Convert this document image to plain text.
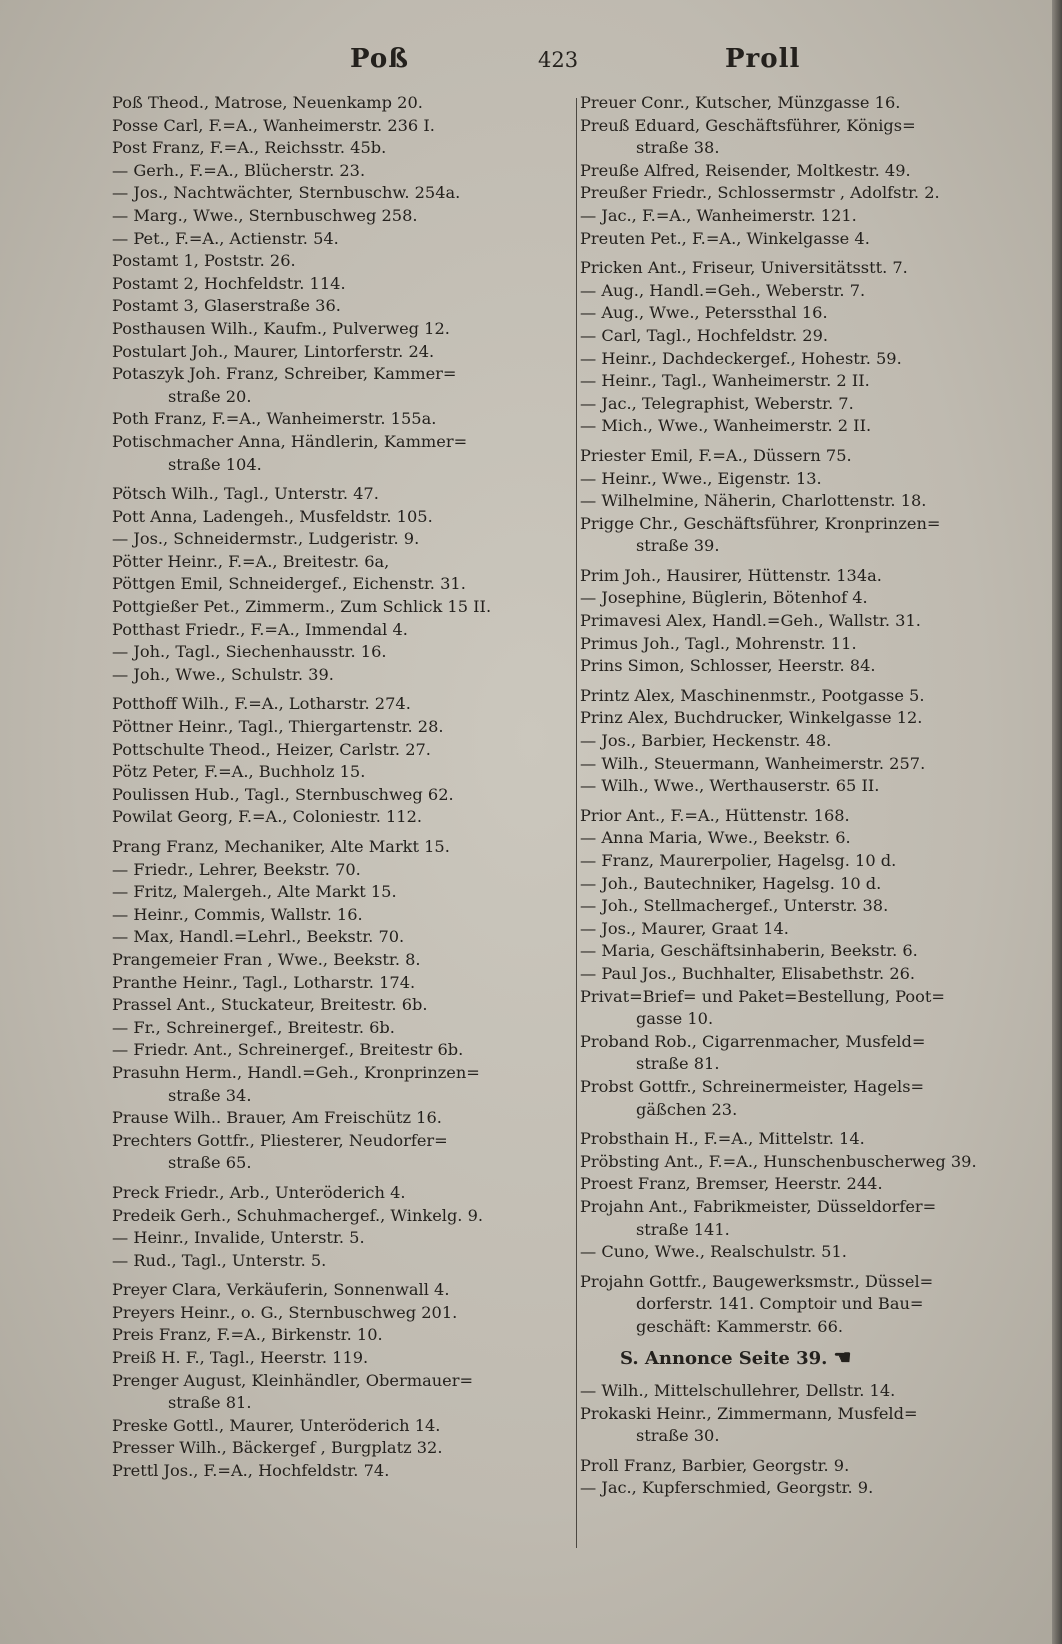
Poß	423	Proll
Poß Theod., Matrose, Neuenkamp 20.
Posse Carl, F.=A., Wanheimerstr. 236 I.
Post Franz, F.=A., Reichsstr. 45b.
— Gerh., F.=A., Blücherstr. 23.
— Jos., Nachtwächter, Sternbuschw. 254a.
— Marg., Wwe., Sternbuschweg 258.
— Pet., F.=A., Actienstr. 54.
Postamt 1, Poststr. 26.
Postamt 2, Hochfeldstr. 114.
Postamt 3, Glaserstraße 36.
Posthausen Wilh., Kaufm., Pulverweg 12.
Postulart Joh., Maurer, Lintorferstr. 24.
Potaszyk Joh. Franz, Schreiber, Kammer=
straße 20.
Poth Franz, F.=A., Wanheimerstr. 155a.
Potischmacher Anna, Händlerin, Kammer=
straße 104.
Pötsch Wilh., Tagl., Unterstr. 47.
Pott Anna, Ladengeh., Musfeldstr. 105.
— Jos., Schneidermstr., Ludgeristr. 9.
Pötter Heinr., F.=A., Breitestr. 6a,
Pöttgen Emil, Schneidergef., Eichenstr. 31.
Pottgießer Pet., Zimmerm., Zum Schlick 15 II.
Potthast Friedr., F.=A., Immendal 4.
— Joh., Tagl., Siechenhausstr. 16.
— Joh., Wwe., Schulstr. 39.
Potthoff Wilh., F.=A., Lotharstr. 274.
Pöttner Heinr., Tagl., Thiergartenstr. 28.
Pottschulte Theod., Heizer, Carlstr. 27.
Pötz Peter, F.=A., Buchholz 15.
Poulissen Hub., Tagl., Sternbuschweg 62.
Powilat Georg, F.=A., Coloniestr. 112.
Prang Franz, Mechaniker, Alte Markt 15.
— Friedr., Lehrer, Beekstr. 70.
— Fritz, Malergeh., Alte Markt 15.
— Heinr., Commis, Wallstr. 16.
— Max, Handl.=Lehrl., Beekstr. 70.
Prangemeier Fran , Wwe., Beekstr. 8.
Pranthe Heinr., Tagl., Lotharstr. 174.
Prassel Ant., Stuckateur, Breitestr. 6b.
— Fr., Schreinergef., Breitestr. 6b.
— Friedr. Ant., Schreinergef., Breitestr 6b.
Prasuhn Herm., Handl.=Geh., Kronprinzen=
straße 34.
Prause Wilh.. Brauer, Am Freischütz 16.
Prechters Gottfr., Pliesterer, Neudorfer=
straße 65.
Preck Friedr., Arb., Unteröderich 4.
Predeik Gerh., Schuhmachergef., Winkelg. 9.
— Heinr., Invalide, Unterstr. 5.
— Rud., Tagl., Unterstr. 5.
Preyer Clara, Verkäuferin, Sonnenwall 4.
Preyers Heinr., o. G., Sternbuschweg 201.
Preis Franz, F.=A., Birkenstr. 10.
Preiß H. F., Tagl., Heerstr. 119.
Prenger August, Kleinhändler, Obermauer=
straße 81.
Preske Gottl., Maurer, Unteröderich 14.
Presser Wilh., Bäckergef , Burgplatz 32.
Prettl Jos., F.=A., Hochfeldstr. 74.
Preuer Conr., Kutscher, Münzgasse 16.
Preuß Eduard, Geschäftsführer, Königs=
straße 38.
Preuße Alfred, Reisender, Moltkestr. 49.
Preußer Friedr., Schlossermstr , Adolfstr. 2.
— Jac., F.=A., Wanheimerstr. 121.
Preuten Pet., F.=A., Winkelgasse 4.
Pricken Ant., Friseur, Universitätsstt. 7.
— Aug., Handl.=Geh., Weberstr. 7.
— Aug., Wwe., Peterssthal 16.
— Carl, Tagl., Hochfeldstr. 29.
— Heinr., Dachdeckergef., Hohestr. 59.
— Heinr., Tagl., Wanheimerstr. 2 II.
— Jac., Telegraphist, Weberstr. 7.
— Mich., Wwe., Wanheimerstr. 2 II.
Priester Emil, F.=A., Düssern 75.
— Heinr., Wwe., Eigenstr. 13.
— Wilhelmine, Näherin, Charlottenstr. 18.
Prigge Chr., Geschäftsführer, Kronprinzen=
straße 39.
Prim Joh., Hausirer, Hüttenstr. 134a.
— Josephine, Büglerin, Bötenhof 4.
Primavesi Alex, Handl.=Geh., Wallstr. 31.
Primus Joh., Tagl., Mohrenstr. 11.
Prins Simon, Schlosser, Heerstr. 84.
Printz Alex, Maschinenmstr., Pootgasse 5.
Prinz Alex, Buchdrucker, Winkelgasse 12.
— Jos., Barbier, Heckenstr. 48.
— Wilh., Steuermann, Wanheimerstr. 257.
— Wilh., Wwe., Werthauserstr. 65 II.
Prior Ant., F.=A., Hüttenstr. 168.
— Anna Maria, Wwe., Beekstr. 6.
— Franz, Maurerpolier, Hagelsg. 10 d.
— Joh., Bautechniker, Hagelsg. 10 d.
— Joh., Stellmachergef., Unterstr. 38.
— Jos., Maurer, Graat 14.
— Maria, Geschäftsinhaberin, Beekstr. 6.
— Paul Jos., Buchhalter, Elisabethstr. 26.
Privat=Brief= und Paket=Bestellung, Poot=
gasse 10.
Proband Rob., Cigarrenmacher, Musfeld=
straße 81.
Probst Gottfr., Schreinermeister, Hagels=
gäßchen 23.
Probsthain H., F.=A., Mittelstr. 14.
Pröbsting Ant., F.=A., Hunschenbuscherweg 39.
Proest Franz, Bremser, Heerstr. 244.
Projahn Ant., Fabrikmeister, Düsseldorfer=
straße 141.
— Cuno, Wwe., Realschulstr. 51.
Projahn Gottfr., Baugewerksmstr., Düssel=
dorferstr. 141. Comptoir und Bau=
geschäft: Kammerstr. 66.
S. Annonce Seite 39. ☚
— Wilh., Mittelschullehrer, Dellstr. 14.
Prokaski Heinr., Zimmermann, Musfeld=
straße 30.
Proll Franz, Barbier, Georgstr. 9.
— Jac., Kupferschmied, Georgstr. 9.
